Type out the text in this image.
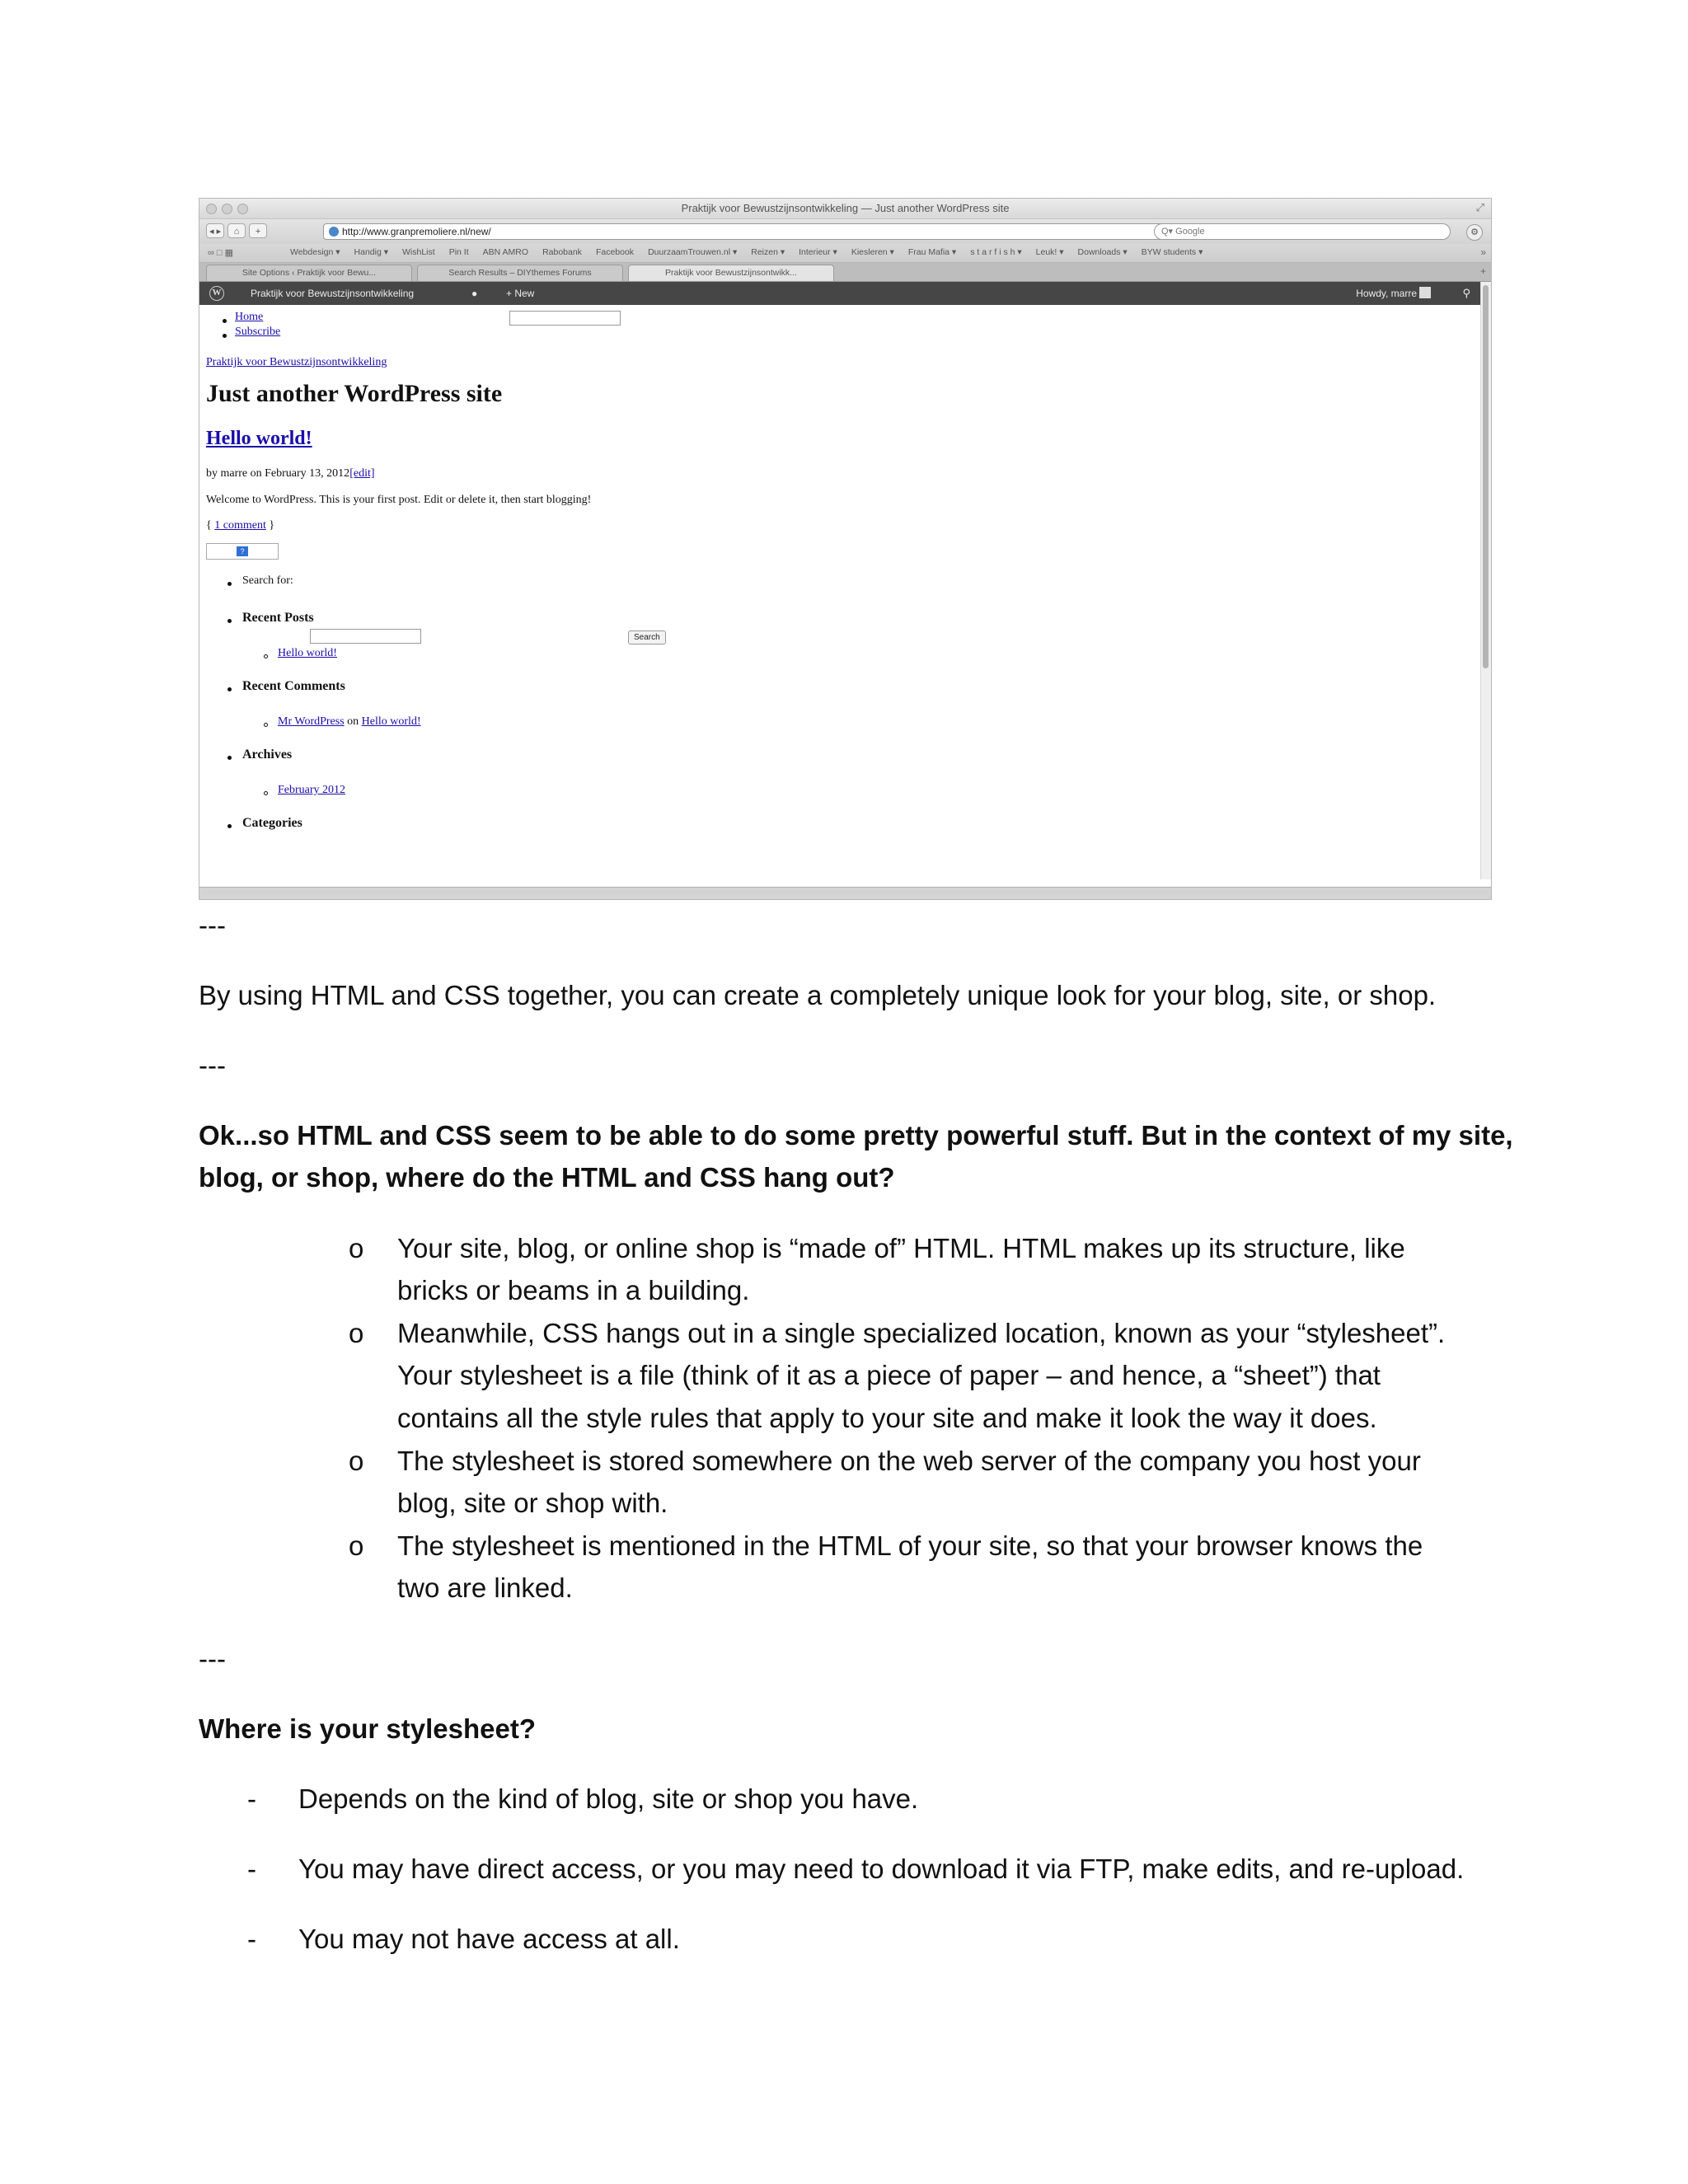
Praktijk voor Bewustzijnsontwikkeling — Just another WordPress site	⤢
◂ ▸	⌂	+	http://www.granpremoliere.nl/new/	Q▾ Google	⚙
∞ □ ▦	Webdesign ▾ Handig ▾ WishList Pin It ABN AMRO Rabobank Facebook DuurzaamTrouwen.nl ▾ Reizen ▾ Interieur ▾ Kiesleren ▾ Frau Mafia ▾ s t a r f i s h ▾ Leuk! ▾ Downloads ▾ BYW students ▾	»
Site Options ‹ Praktijk voor Bewu...	Search Results – DIYthemes Forums	Praktijk voor Bewustzijnsontwikk...	+
W	Praktijk voor Bewustzijnsontwikkeling	●	+ New	Howdy, marre	⚲
Home
Subscribe
Praktijk voor Bewustzijnsontwikkeling
Just another WordPress site
Hello world!
by marre on February 13, 2012[edit]
Welcome to WordPress. This is your first post. Edit or delete it, then start blogging!
{ 1 comment }
?
Search for:
Recent Posts
Hello world!
Recent Comments
Mr WordPress on Hello world!
Archives
February 2012
Categories
Search
---
By using HTML and CSS together, you can create a completely unique look for your blog, site, or shop.
---
Ok...so HTML and CSS seem to be able to do some pretty powerful stuff. But in the context of my site,
blog, or shop, where do the HTML and CSS hang out?
o Your site, blog, or online shop is “made of” HTML. HTML makes up its structure, like
bricks or beams in a building.
o Meanwhile, CSS hangs out in a single specialized location, known as your “stylesheet”.
Your stylesheet is a file (think of it as a piece of paper – and hence, a “sheet”) that
contains all the style rules that apply to your site and make it look the way it does.
o The stylesheet is stored somewhere on the web server of the company you host your
blog, site or shop with.
o The stylesheet is mentioned in the HTML of your site, so that your browser knows the
two are linked.
---
Where is your stylesheet?
- Depends on the kind of blog, site or shop you have.
- You may have direct access, or you may need to download it via FTP, make edits, and re-upload.
- You may not have access at all.
